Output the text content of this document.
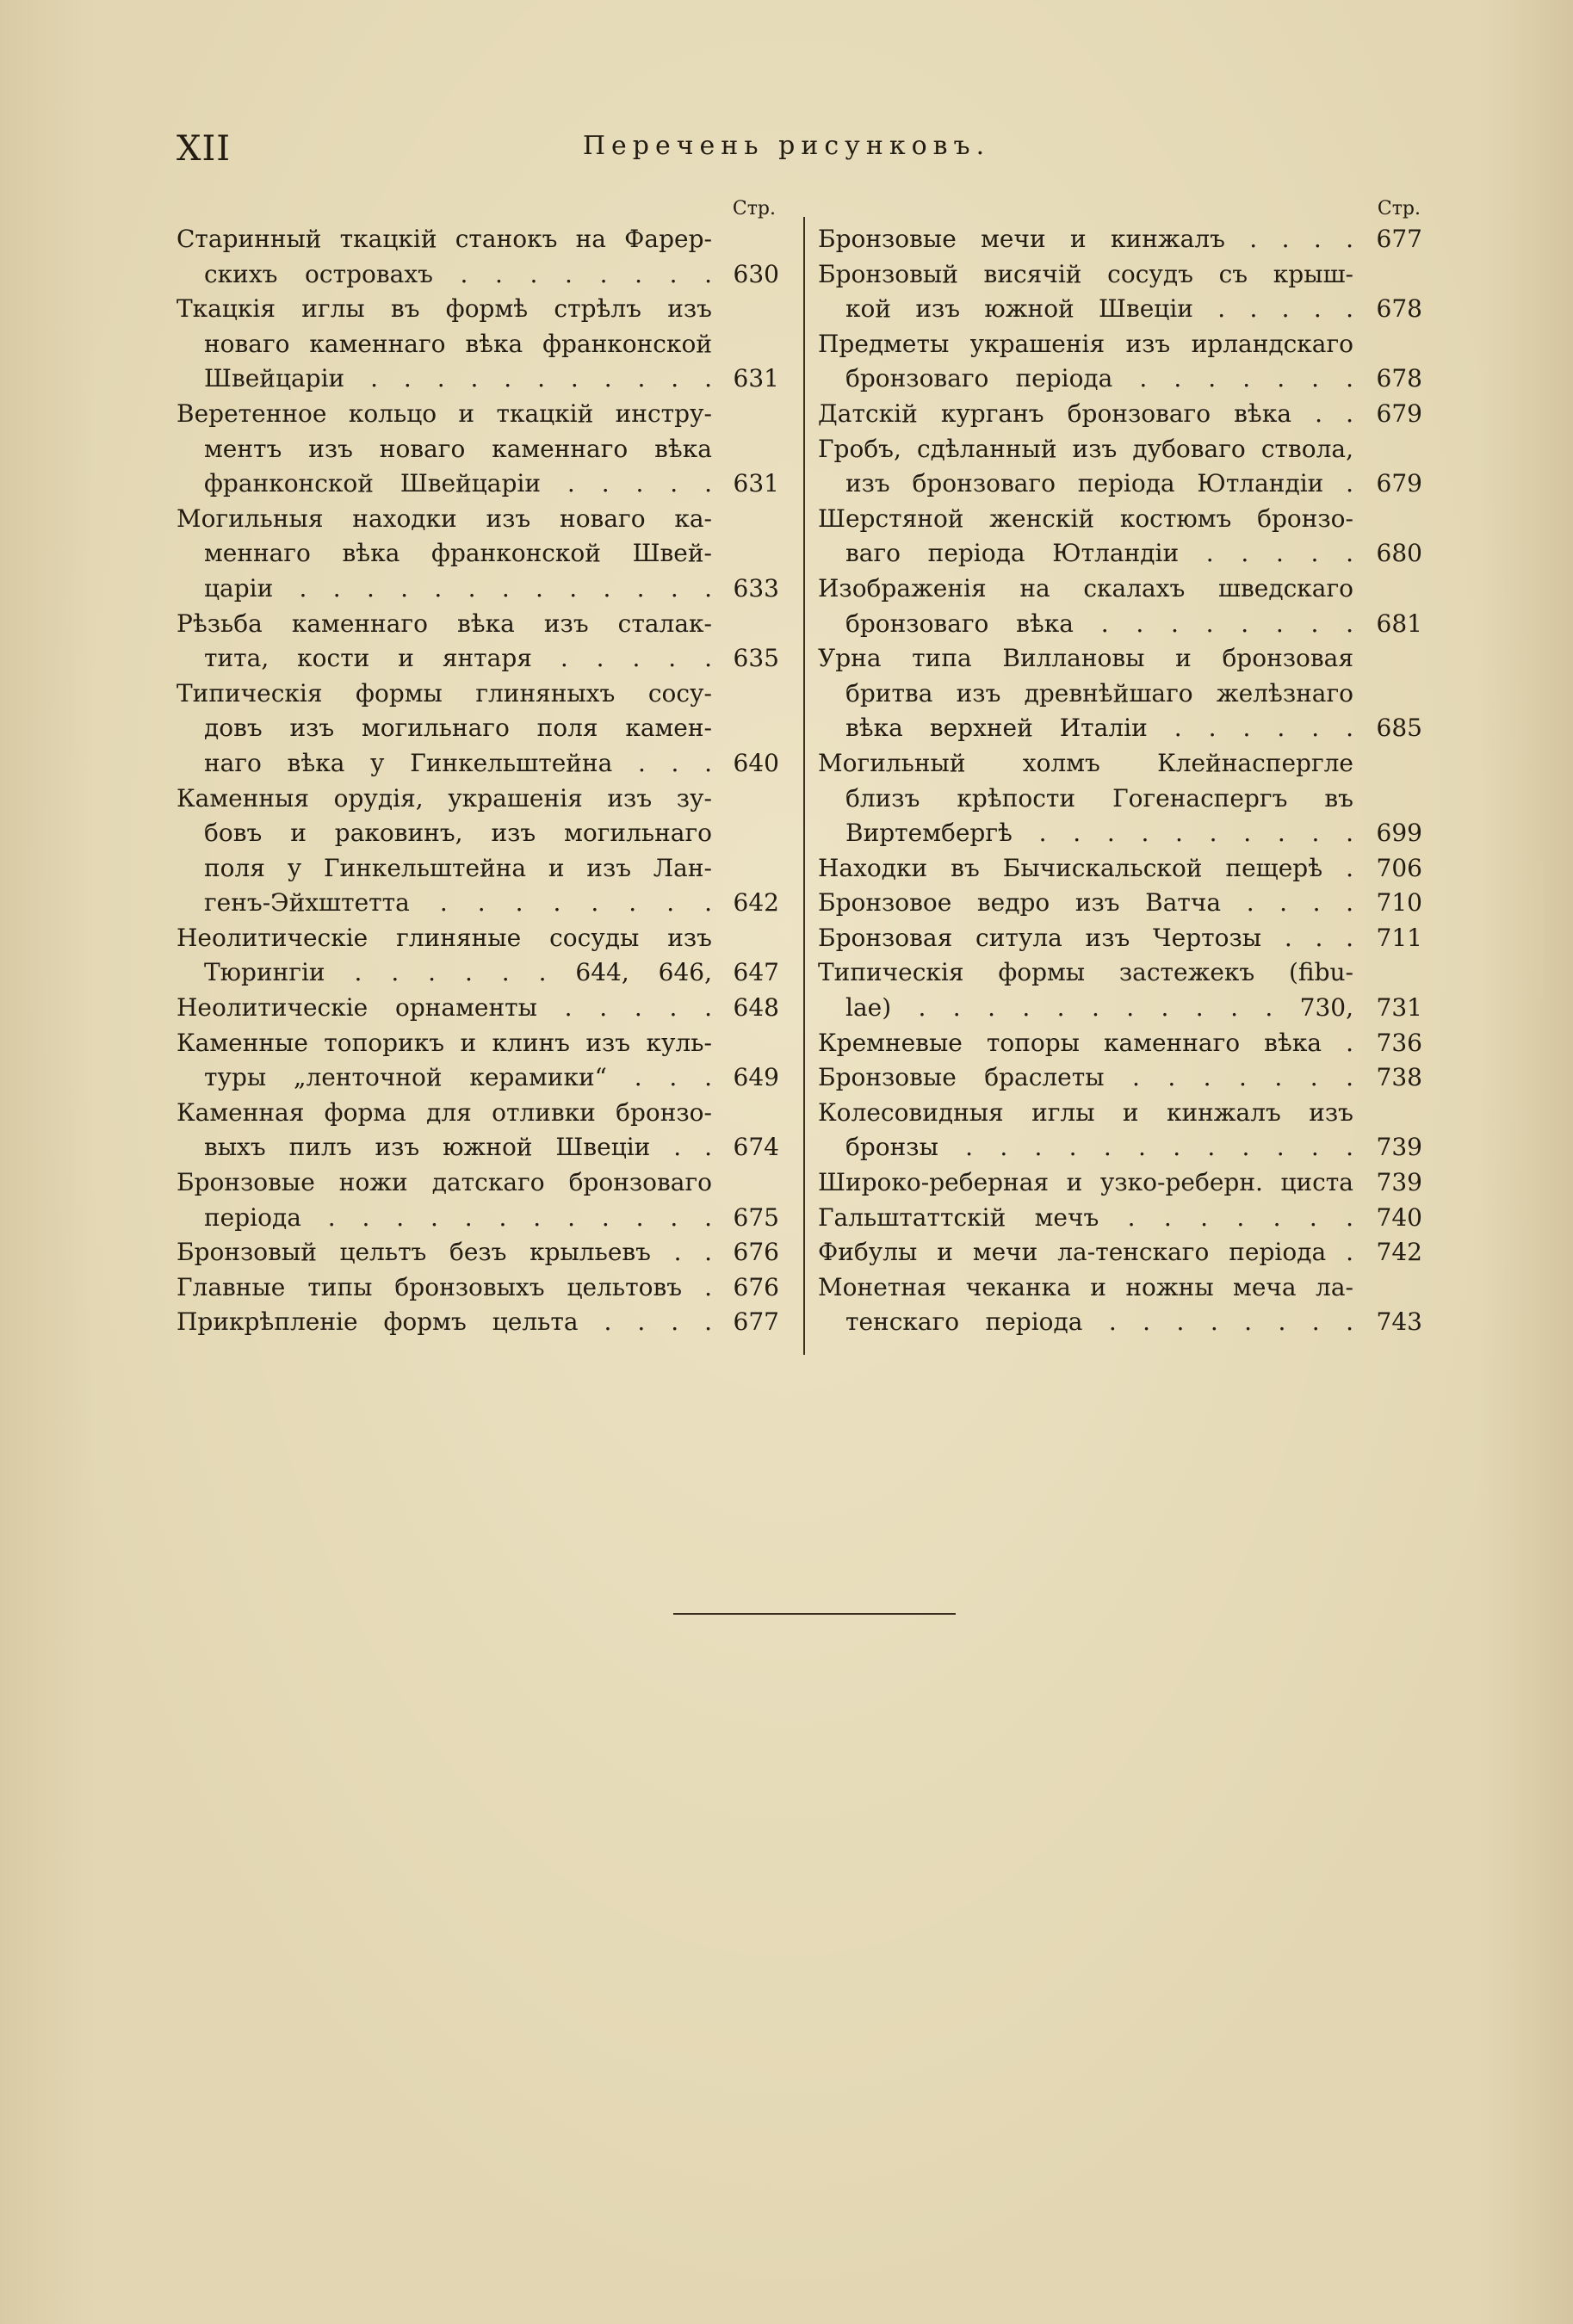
XII	Перечень рисунковъ.
Стр.
Старинный ткацкій станокъ на Фарер-
скихъ островахъ . . . . . . . . 630
Ткацкія иглы въ формѣ стрѣлъ изъ
новаго каменнаго вѣка франконской
Швейцаріи . . . . . . . . . . . 631
Веретенное кольцо и ткацкій инстру-
ментъ изъ новаго каменнаго вѣка
франконской Швейцаріи . . . . . 631
Могильныя находки изъ новаго ка-
меннаго вѣка франконской Швей-
царіи . . . . . . . . . . . . . 633
Рѣзьба каменнаго вѣка изъ сталак-
тита, кости и янтаря . . . . . 635
Типическія формы глиняныхъ сосу-
довъ изъ могильнаго поля камен-
наго вѣка у Гинкельштейна . . . 640
Каменныя орудія, украшенія изъ зу-
бовъ и раковинъ, изъ могильнаго
поля у Гинкельштейна и изъ Лан-
генъ-Эйхштетта . . . . . . . . 642
Неолитическіе глиняные сосуды изъ
Тюрингіи . . . . . . 644, 646, 647
Неолитическіе орнаменты . . . . . 648
Каменные топорикъ и клинъ изъ куль-
туры „ленточной керамики“ . . . 649
Каменная форма для отливки бронзо-
выхъ пилъ изъ южной Швеціи . . 674
Бронзовые ножи датскаго бронзоваго
періода . . . . . . . . . . . . 675
Бронзовый цельтъ безъ крыльевъ . . 676
Главные типы бронзовыхъ цельтовъ . 676
Прикрѣпленіе формъ цельта . . . . 677
Стр.
Бронзовые мечи и кинжалъ . . . . 677
Бронзовый висячій сосудъ съ крыш-
кой изъ южной Швеціи . . . . . 678
Предметы украшенія изъ ирландскаго
бронзоваго періода . . . . . . . 678
Датскій курганъ бронзоваго вѣка . . 679
Гробъ, сдѣланный изъ дубоваго ствола,
изъ бронзоваго періода Ютландіи . 679
Шерстяной женскій костюмъ бронзо-
ваго періода Ютландіи . . . . . 680
Изображенія на скалахъ шведскаго
бронзоваго вѣка . . . . . . . . 681
Урна типа Виллановы и бронзовая
бритва изъ древнѣйшаго желѣзнаго
вѣка верхней Италіи . . . . . . 685
Могильный холмъ Клейнаспергле
близъ крѣпости Гогенаспергъ въ
Виртембергѣ . . . . . . . . . . 699
Находки въ Бычискальской пещерѣ . 706
Бронзовое ведро изъ Ватча . . . . 710
Бронзовая ситула изъ Чертозы . . . 711
Типическія формы застежекъ (fibu-
lae) . . . . . . . . . . . 730, 731
Кремневые топоры каменнаго вѣка . 736
Бронзовые браслеты . . . . . . . 738
Колесовидныя иглы и кинжалъ изъ
бронзы . . . . . . . . . . . . 739
Широко-реберная и узко-реберн. циста 739
Гальштаттскій мечъ . . . . . . . 740
Фибулы и мечи ла-тенскаго періода . 742
Монетная чеканка и ножны меча ла-
тенскаго періода . . . . . . . . 743
